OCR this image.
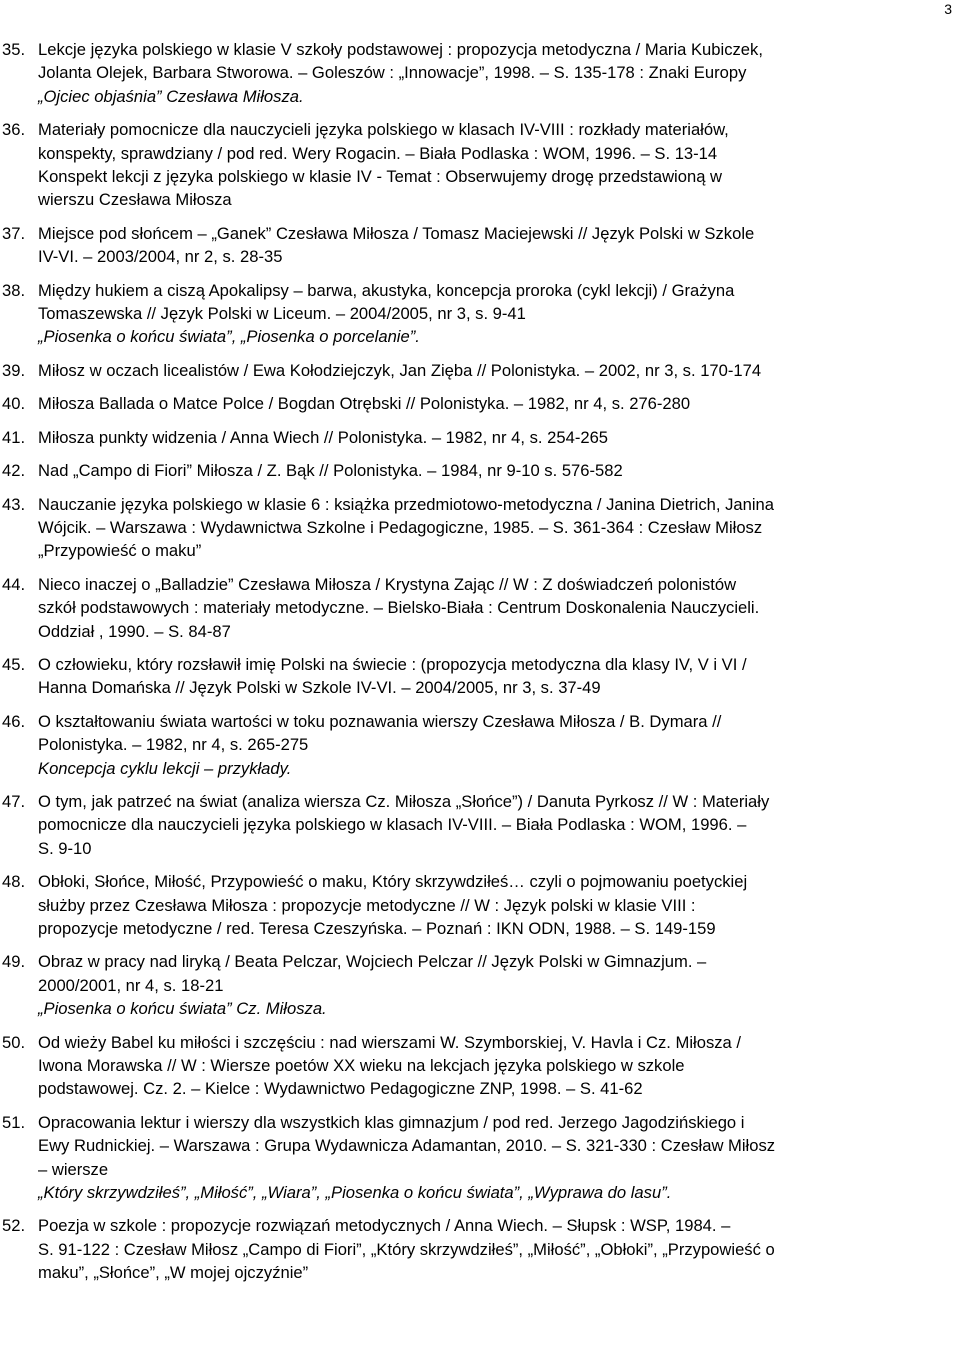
3
35. Lekcje języka polskiego w klasie V szkoły podstawowej : propozycja metodyczna / Maria Kubiczek,
Jolanta Olejek, Barbara Stworowa. – Goleszów : „Innowacje”, 1998. – S. 135-178 : Znaki Europy
„Ojciec objaśnia” Czesława Miłosza.
36. Materiały pomocnicze dla nauczycieli języka polskiego w klasach IV-VIII : rozkłady materiałów,
konspekty, sprawdziany / pod red. Wery Rogacin. – Biała Podlaska : WOM, 1996. – S. 13-14
Konspekt lekcji z języka polskiego w klasie IV - Temat : Obserwujemy drogę przedstawioną w
wierszu Czesława Miłosza
37. Miejsce pod słońcem – „Ganek” Czesława Miłosza / Tomasz Maciejewski // Język Polski w Szkole
IV-VI. – 2003/2004, nr 2, s. 28-35
38. Między hukiem a ciszą Apokalipsy – barwa, akustyka, koncepcja proroka (cykl lekcji) / Grażyna
Tomaszewska // Język Polski w Liceum. – 2004/2005, nr 3, s. 9-41
„Piosenka o końcu świata”, „Piosenka o porcelanie”.
39. Miłosz w oczach licealistów / Ewa Kołodziejczyk, Jan Zięba // Polonistyka. – 2002, nr 3, s. 170-174
40. Miłosza Ballada o Matce Polce / Bogdan Otrębski // Polonistyka. – 1982, nr 4, s. 276-280
41. Miłosza punkty widzenia / Anna Wiech // Polonistyka. – 1982, nr 4, s. 254-265
42. Nad „Campo di Fiori” Miłosza / Z. Bąk // Polonistyka. – 1984, nr 9-10 s. 576-582
43. Nauczanie języka polskiego w klasie 6 : książka przedmiotowo-metodyczna / Janina Dietrich, Janina
Wójcik. – Warszawa : Wydawnictwa Szkolne i Pedagogiczne, 1985. – S. 361-364 : Czesław Miłosz
„Przypowieść o maku”
44. Nieco inaczej o „Balladzie” Czesława Miłosza / Krystyna Zając // W : Z doświadczeń polonistów
szkół podstawowych : materiały metodyczne. – Bielsko-Biała : Centrum Doskonalenia Nauczycieli.
Oddział , 1990. – S. 84-87
45. O człowieku, który rozsławił imię Polski na świecie : (propozycja metodyczna dla klasy IV, V i VI /
Hanna Domańska // Język Polski w Szkole IV-VI. – 2004/2005, nr 3, s. 37-49
46. O kształtowaniu świata wartości w toku poznawania wierszy Czesława Miłosza / B. Dymara //
Polonistyka. – 1982, nr 4, s. 265-275
Koncepcja cyklu lekcji – przykłady.
47. O tym, jak patrzeć na świat (analiza wiersza Cz. Miłosza „Słońce”) / Danuta Pyrkosz // W : Materiały
pomocnicze dla nauczycieli języka polskiego w klasach IV-VIII. – Biała Podlaska : WOM, 1996. –
S. 9-10
48. Obłoki, Słońce, Miłość, Przypowieść o maku, Który skrzywdziłeś… czyli o pojmowaniu poetyckiej
służby przez Czesława Miłosza : propozycje metodyczne // W : Język polski w klasie VIII :
propozycje metodyczne / red. Teresa Czeszyńska. – Poznań : IKN ODN, 1988. – S. 149-159
49. Obraz w pracy nad liryką / Beata Pelczar, Wojciech Pelczar // Język Polski w Gimnazjum. –
2000/2001, nr 4, s. 18-21
„Piosenka o końcu świata” Cz. Miłosza.
50. Od wieży Babel ku miłości i szczęściu : nad wierszami W. Szymborskiej, V. Havla i Cz. Miłosza /
Iwona Morawska // W : Wiersze poetów XX wieku na lekcjach języka polskiego w szkole
podstawowej. Cz. 2. – Kielce : Wydawnictwo Pedagogiczne ZNP, 1998. – S. 41-62
51. Opracowania lektur i wierszy dla wszystkich klas gimnazjum / pod red. Jerzego Jagodzińskiego i
Ewy Rudnickiej. – Warszawa : Grupa Wydawnicza Adamantan, 2010. – S. 321-330 : Czesław Miłosz
– wiersze
„Który skrzywdziłeś”, „Miłość”, „Wiara”, „Piosenka o końcu świata”, „Wyprawa do lasu”.
52. Poezja w szkole : propozycje rozwiązań metodycznych / Anna Wiech. – Słupsk : WSP, 1984. –
S. 91-122 : Czesław Miłosz „Campo di Fiori”, „Który skrzywdziłeś”, „Miłość”, „Obłoki”, „Przypowieść o
maku”, „Słońce”, „W mojej ojczyźnie”
